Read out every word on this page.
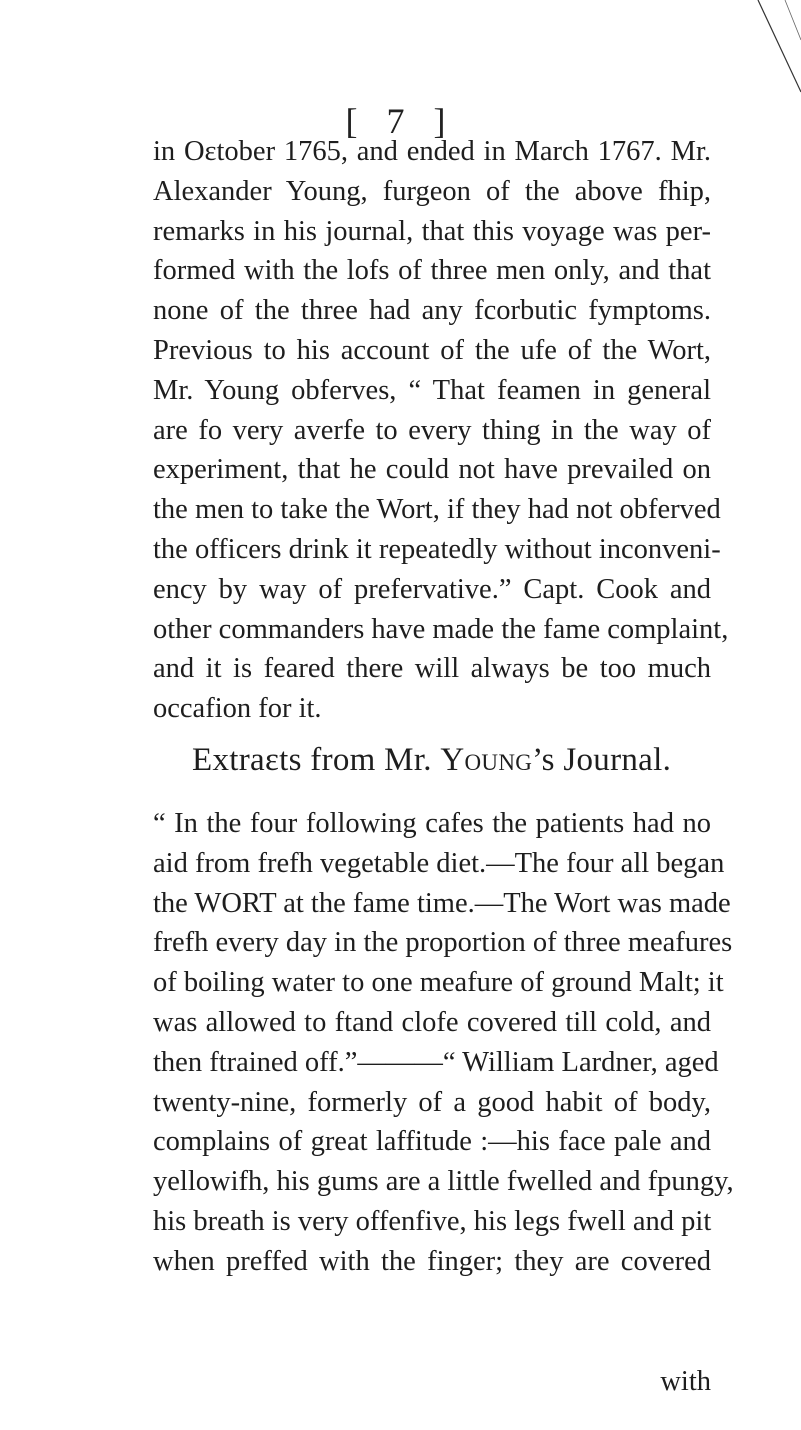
[ 7 ]
in Oɛtober 1765, and ended in March 1767. Mr.
Alexander Young, furgeon of the above fhip,
remarks in his journal, that this voyage was per-
formed with the lofs of three men only, and that
none of the three had any fcorbutic fymptoms.
Previous to his account of the ufe of the Wort,
Mr. Young obferves, “ That feamen in general
are fo very averfe to every thing in the way of
experiment, that he could not have prevailed on
the men to take the Wort, if they had not obferved
the officers drink it repeatedly without inconveni-
ency by way of prefervative.” Capt. Cook and
other commanders have made the fame complaint,
and it is feared there will always be too much
occafion for it.
Extraɛts from Mr. Young’s Journal.
“ In the four following cafes the patients had no
aid from frefh vegetable diet.—The four all began
the WORT at the fame time.—The Wort was made
frefh every day in the proportion of three meafures
of boiling water to one meafure of ground Malt; it
was allowed to ftand clofe covered till cold, and
then ftrained off.”———“ William Lardner, aged
twenty-nine, formerly of a good habit of body,
complains of great laffitude :—his face pale and
yellowifh, his gums are a little fwelled and fpungy,
his breath is very offenfive, his legs fwell and pit
when preffed with the finger; they are covered
with
